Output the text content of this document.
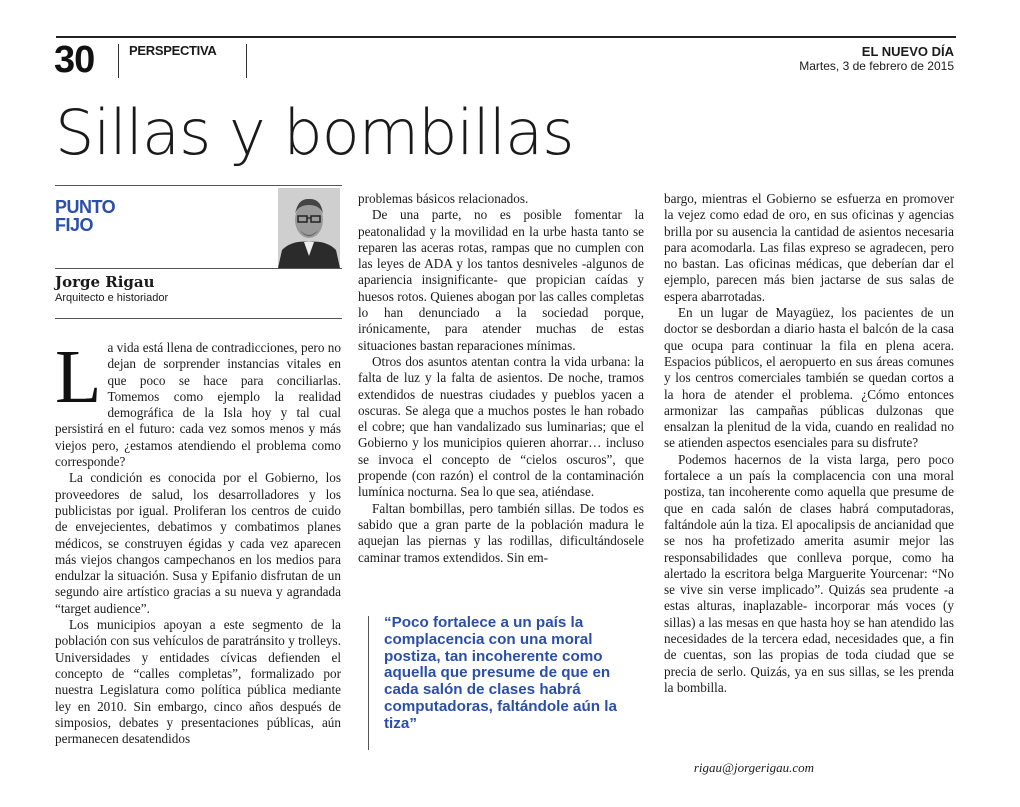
30	PERSPECTIVA	EL NUEVO DÍA
Martes, 3 de febrero de 2015
Sillas y bombillas
PUNTO
FIJO
Jorge Rigau
Arquitecto e historiador

La vida está llena de contradicciones, pero no dejan de sorprender instancias vitales en que poco se hace para conciliarlas. Tomemos como ejemplo la realidad demográfica de la Isla hoy y tal cual persistirá en el futuro: cada vez somos menos y más viejos pero, ¿estamos atendiendo el problema como corresponde?

La condición es conocida por el Gobierno, los proveedores de salud, los desarrolladores y los publicistas por igual. Proliferan los centros de cuido de envejecientes, debatimos y combatimos planes médicos, se construyen égidas y cada vez aparecen más viejos changos campechanos en los medios para endulzar la situación. Susa y Epifanio disfrutan de un segundo aire artístico gracias a su nueva y agrandada “target audience”.

Los municipios apoyan a este segmento de la población con sus vehículos de paratránsito y trolleys. Universidades y entidades cívicas defienden el concepto de “calles completas”, formalizado por nuestra Legislatura como política pública mediante ley en 2010. Sin embargo, cinco años después de simposios, debates y presentaciones públicas, aún permanecen desatendidos

problemas básicos relacionados.

De una parte, no es posible fomentar la peatonalidad y la movilidad en la urbe hasta tanto se reparen las aceras rotas, rampas que no cumplen con las leyes de ADA y los tantos desniveles -algunos de apariencia insignificante- que propician caídas y huesos rotos. Quienes abogan por las calles completas lo han denunciado a la sociedad porque, irónicamente, para atender muchas de estas situaciones bastan reparaciones mínimas.

Otros dos asuntos atentan contra la vida urbana: la falta de luz y la falta de asientos. De noche, tramos extendidos de nuestras ciudades y pueblos yacen a oscuras. Se alega que a muchos postes le han robado el cobre; que han vandalizado sus luminarias; que el Gobierno y los municipios quieren ahorrar… incluso se invoca el concepto de “cielos oscuros”, que propende (con razón) el control de la contaminación lumínica nocturna. Sea lo que sea, atiéndase.

Faltan bombillas, pero también sillas. De todos es sabido que a gran parte de la población madura le aquejan las piernas y las rodillas, dificultándosele caminar tramos extendidos. Sin em-

“Poco fortalece a un país la complacencia con una moral postiza, tan incoherente como aquella que presume de que en cada salón de clases habrá computadoras, faltándole aún la tiza”

bargo, mientras el Gobierno se esfuerza en promover la vejez como edad de oro, en sus oficinas y agencias brilla por su ausencia la cantidad de asientos necesaria para acomodarla. Las filas expreso se agradecen, pero no bastan. Las oficinas médicas, que deberían dar el ejemplo, parecen más bien jactarse de sus salas de espera abarrotadas.

En un lugar de Mayagüez, los pacientes de un doctor se desbordan a diario hasta el balcón de la casa que ocupa para continuar la fila en plena acera. Espacios públicos, el aeropuerto en sus áreas comunes y los centros comerciales también se quedan cortos a la hora de atender el problema. ¿Cómo entonces armonizar las campañas públicas dulzonas que ensalzan la plenitud de la vida, cuando en realidad no se atienden aspectos esenciales para su disfrute?

Podemos hacernos de la vista larga, pero poco fortalece a un país la complacencia con una moral postiza, tan incoherente como aquella que presume de que en cada salón de clases habrá computadoras, faltándole aún la tiza. El apocalipsis de ancianidad que se nos ha profetizado amerita asumir mejor las responsabilidades que conlleva porque, como ha alertado la escritora belga Marguerite Yourcenar: “No se vive sin verse implicado”. Quizás sea prudente -a estas alturas, inaplazable- incorporar más voces (y sillas) a las mesas en que hasta hoy se han atendido las necesidades de la tercera edad, necesidades que, a fin de cuentas, son las propias de toda ciudad que se precia de serlo. Quizás, ya en sus sillas, se les prenda la bombilla.

rigau@jorgerigau.com
